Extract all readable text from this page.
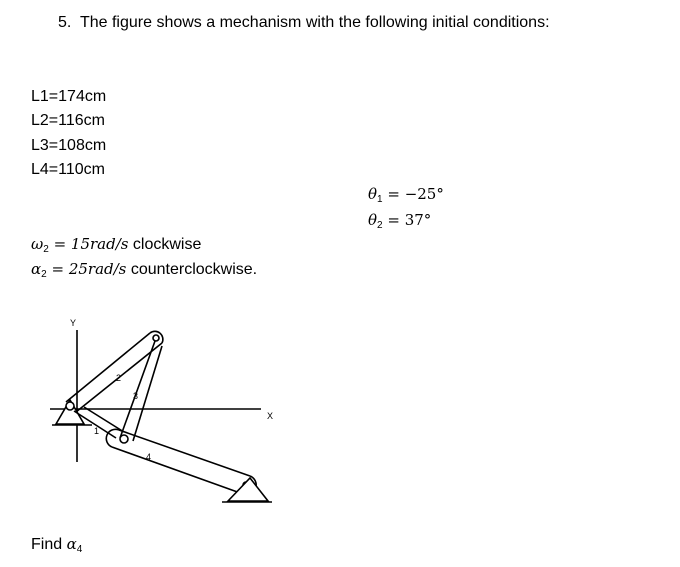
5. The figure shows a mechanism with the following initial conditions:
L1=174cm
L2=116cm
L3=108cm
L4=110cm
$\theta_1 = -25^\circ$
$\theta_2 = 37^\circ$
$\omega_2 = 15rad/s$ clockwise
$\alpha_2 = 25rad/s$ counterclockwise.
Y
X
1
2
3
4
Find $\alpha_4$
